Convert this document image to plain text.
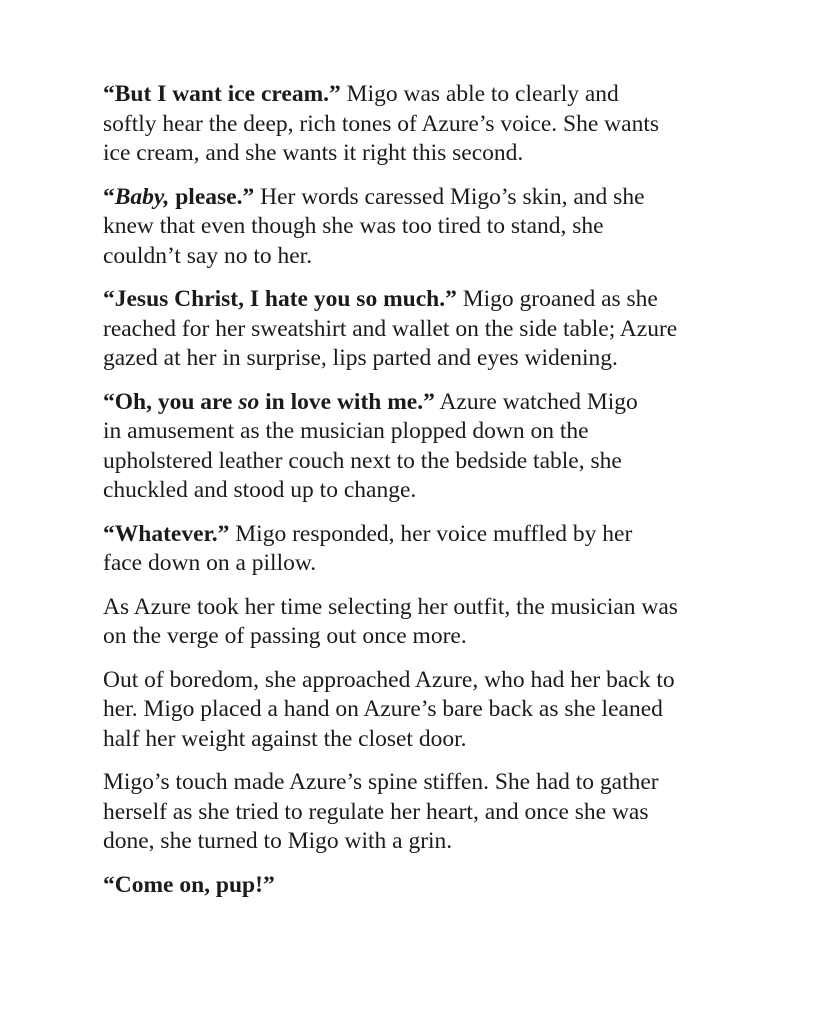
“But I want ice cream.” Migo was able to clearly and
softly hear the deep, rich tones of Azure’s voice. She wants
ice cream, and she wants it right this second.

“Baby, please.” Her words caressed Migo’s skin, and she
knew that even though she was too tired to stand, she
couldn’t say no to her.

“Jesus Christ, I hate you so much.” Migo groaned as she
reached for her sweatshirt and wallet on the side table; Azure
gazed at her in surprise, lips parted and eyes widening.

“Oh, you are so in love with me.” Azure watched Migo
in amusement as the musician plopped down on the
upholstered leather couch next to the bedside table, she
chuckled and stood up to change.

“Whatever.” Migo responded, her voice muffled by her
face down on a pillow.

As Azure took her time selecting her outfit, the musician was
on the verge of passing out once more.

Out of boredom, she approached Azure, who had her back to
her. Migo placed a hand on Azure’s bare back as she leaned
half her weight against the closet door.

Migo’s touch made Azure’s spine stiffen. She had to gather
herself as she tried to regulate her heart, and once she was
done, she turned to Migo with a grin.

“Come on, pup!”
